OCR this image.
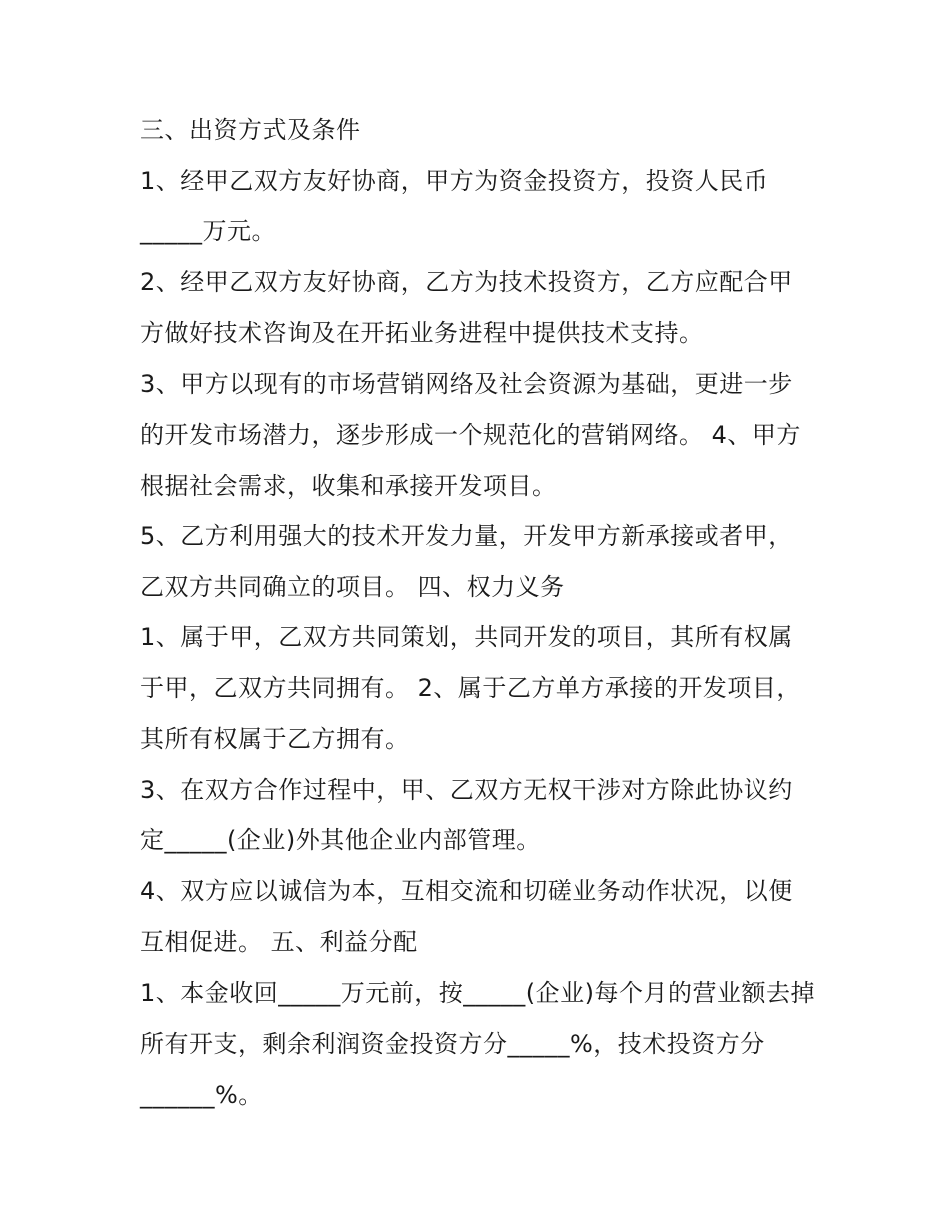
三、出资方式及条件

1、经甲乙双方友好协商，甲方为资金投资方，投资人民币

_____万元。

2、经甲乙双方友好协商，乙方为技术投资方，乙方应配合甲

方做好技术咨询及在开拓业务进程中提供技术支持。

3、甲方以现有的市场营销网络及社会资源为基础，更进一步

的开发市场潜力，逐步形成一个规范化的营销网络。 4、甲方

根据社会需求，收集和承接开发项目。

5、乙方利用强大的技术开发力量，开发甲方新承接或者甲，

乙双方共同确立的项目。 四、权力义务

1、属于甲，乙双方共同策划，共同开发的项目，其所有权属

于甲，乙双方共同拥有。 2、属于乙方单方承接的开发项目，

其所有权属于乙方拥有。

3、在双方合作过程中，甲、乙双方无权干涉对方除此协议约

定_____(企业)外其他企业内部管理。

4、双方应以诚信为本，互相交流和切磋业务动作状况，以便

互相促进。 五、利益分配

1、本金收回_____万元前，按_____(企业)每个月的营业额去掉

所有开支，剩余利润资金投资方分_____%，技术投资方分

______%。
